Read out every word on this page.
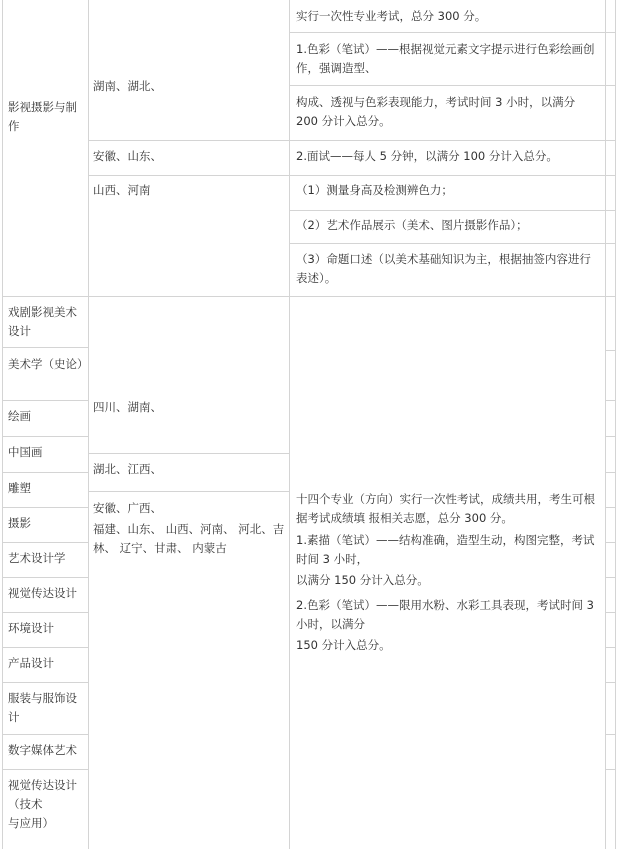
影视摄影与制作
湖南、湖北、
安徽、山东、
山西、河南
实行一次性专业考试，总分 300 分。
1.色彩（笔试）——根据视觉元素文字提示进行色彩绘画创作，强调造型、
构成、透视与色彩表现能力，考试时间 3 小时，以满分 200 分计入总分。
2.面试——每人 5 分钟，以满分 100 分计入总分。
（1）测量身高及检测辨色力；
（2）艺术作品展示（美术、图片摄影作品）；
（3）命题口述（以美术基础知识为主，根据抽签内容进行表述）。
戏剧影视美术设计
美术学（史论）
绘画
中国画
雕塑
摄影
艺术设计学
视觉传达设计
环境设计
产品设计
服装与服饰设计
数字媒体艺术
视觉传达设计（技术
与应用）
四川、湖南、
湖北、江西、
安徽、广西、
福建、山东、 山西、河南、 河北、吉林、 辽宁、甘肃、 内蒙古
十四个专业（方向）实行一次性考试，成绩共用，考生可根据考试成绩填 报相关志愿，总分 300 分。
1.素描（笔试）——结构准确，造型生动，构图完整，考试时间 3 小时，
以满分 150 分计入总分。
2.色彩（笔试）——限用水粉、水彩工具表现，考试时间 3 小时，以满分
150 分计入总分。
